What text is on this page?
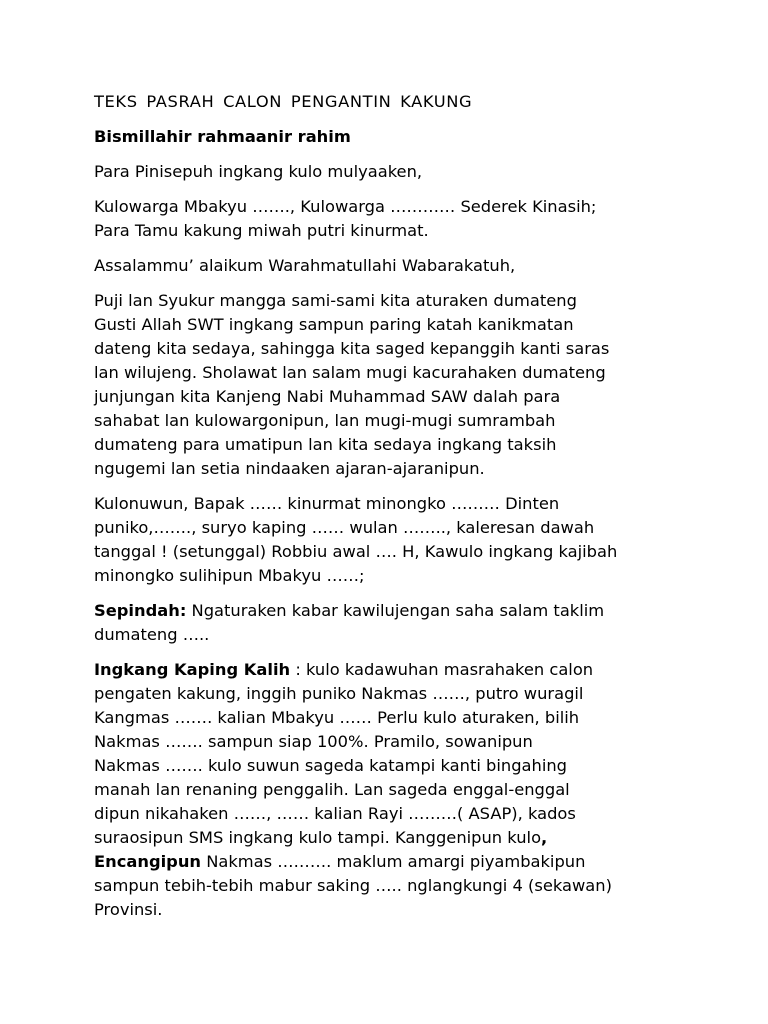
TEKS PASRAH CALON PENGANTIN KAKUNG

Bismillahir rahmaanir rahim

Para Pinisepuh ingkang kulo mulyaaken,

Kulowarga Mbakyu ……., Kulowarga ………… Sederek Kinasih;
Para Tamu kakung miwah putri kinurmat.

Assalammu’ alaikum Warahmatullahi Wabarakatuh,

Puji lan Syukur mangga sami-sami kita aturaken dumateng
Gusti Allah SWT ingkang sampun paring katah kanikmatan
dateng kita sedaya, sahingga kita saged kepanggih kanti saras
lan wilujeng. Sholawat lan salam mugi kacurahaken dumateng
junjungan kita Kanjeng Nabi Muhammad SAW dalah para
sahabat lan kulowargonipun, lan mugi-mugi sumrambah
dumateng para umatipun lan kita sedaya ingkang taksih
ngugemi lan setia nindaaken ajaran-ajaranipun.

Kulonuwun, Bapak …… kinurmat minongko ……… Dinten
puniko,……., suryo kaping …… wulan …….., kaleresan dawah
tanggal ! (setunggal) Robbiu awal …. H, Kawulo ingkang kajibah
minongko sulihipun Mbakyu ……;

Sepindah: Ngaturaken kabar kawilujengan saha salam taklim
dumateng …..

Ingkang Kaping Kalih : kulo kadawuhan masrahaken calon
pengaten kakung, inggih puniko Nakmas ……, putro wuragil
Kangmas ……. kalian Mbakyu …… Perlu kulo aturaken, bilih
Nakmas ……. sampun siap 100%. Pramilo, sowanipun
Nakmas ……. kulo suwun sageda katampi kanti bingahing
manah lan renaning penggalih. Lan sageda enggal-enggal
dipun nikahaken ……, …… kalian Rayi ………( ASAP), kados
suraosipun SMS ingkang kulo tampi. Kanggenipun kulo,
Encangipun Nakmas ………. maklum amargi piyambakipun
sampun tebih-tebih mabur saking ….. nglangkungi 4 (sekawan)
Provinsi.
